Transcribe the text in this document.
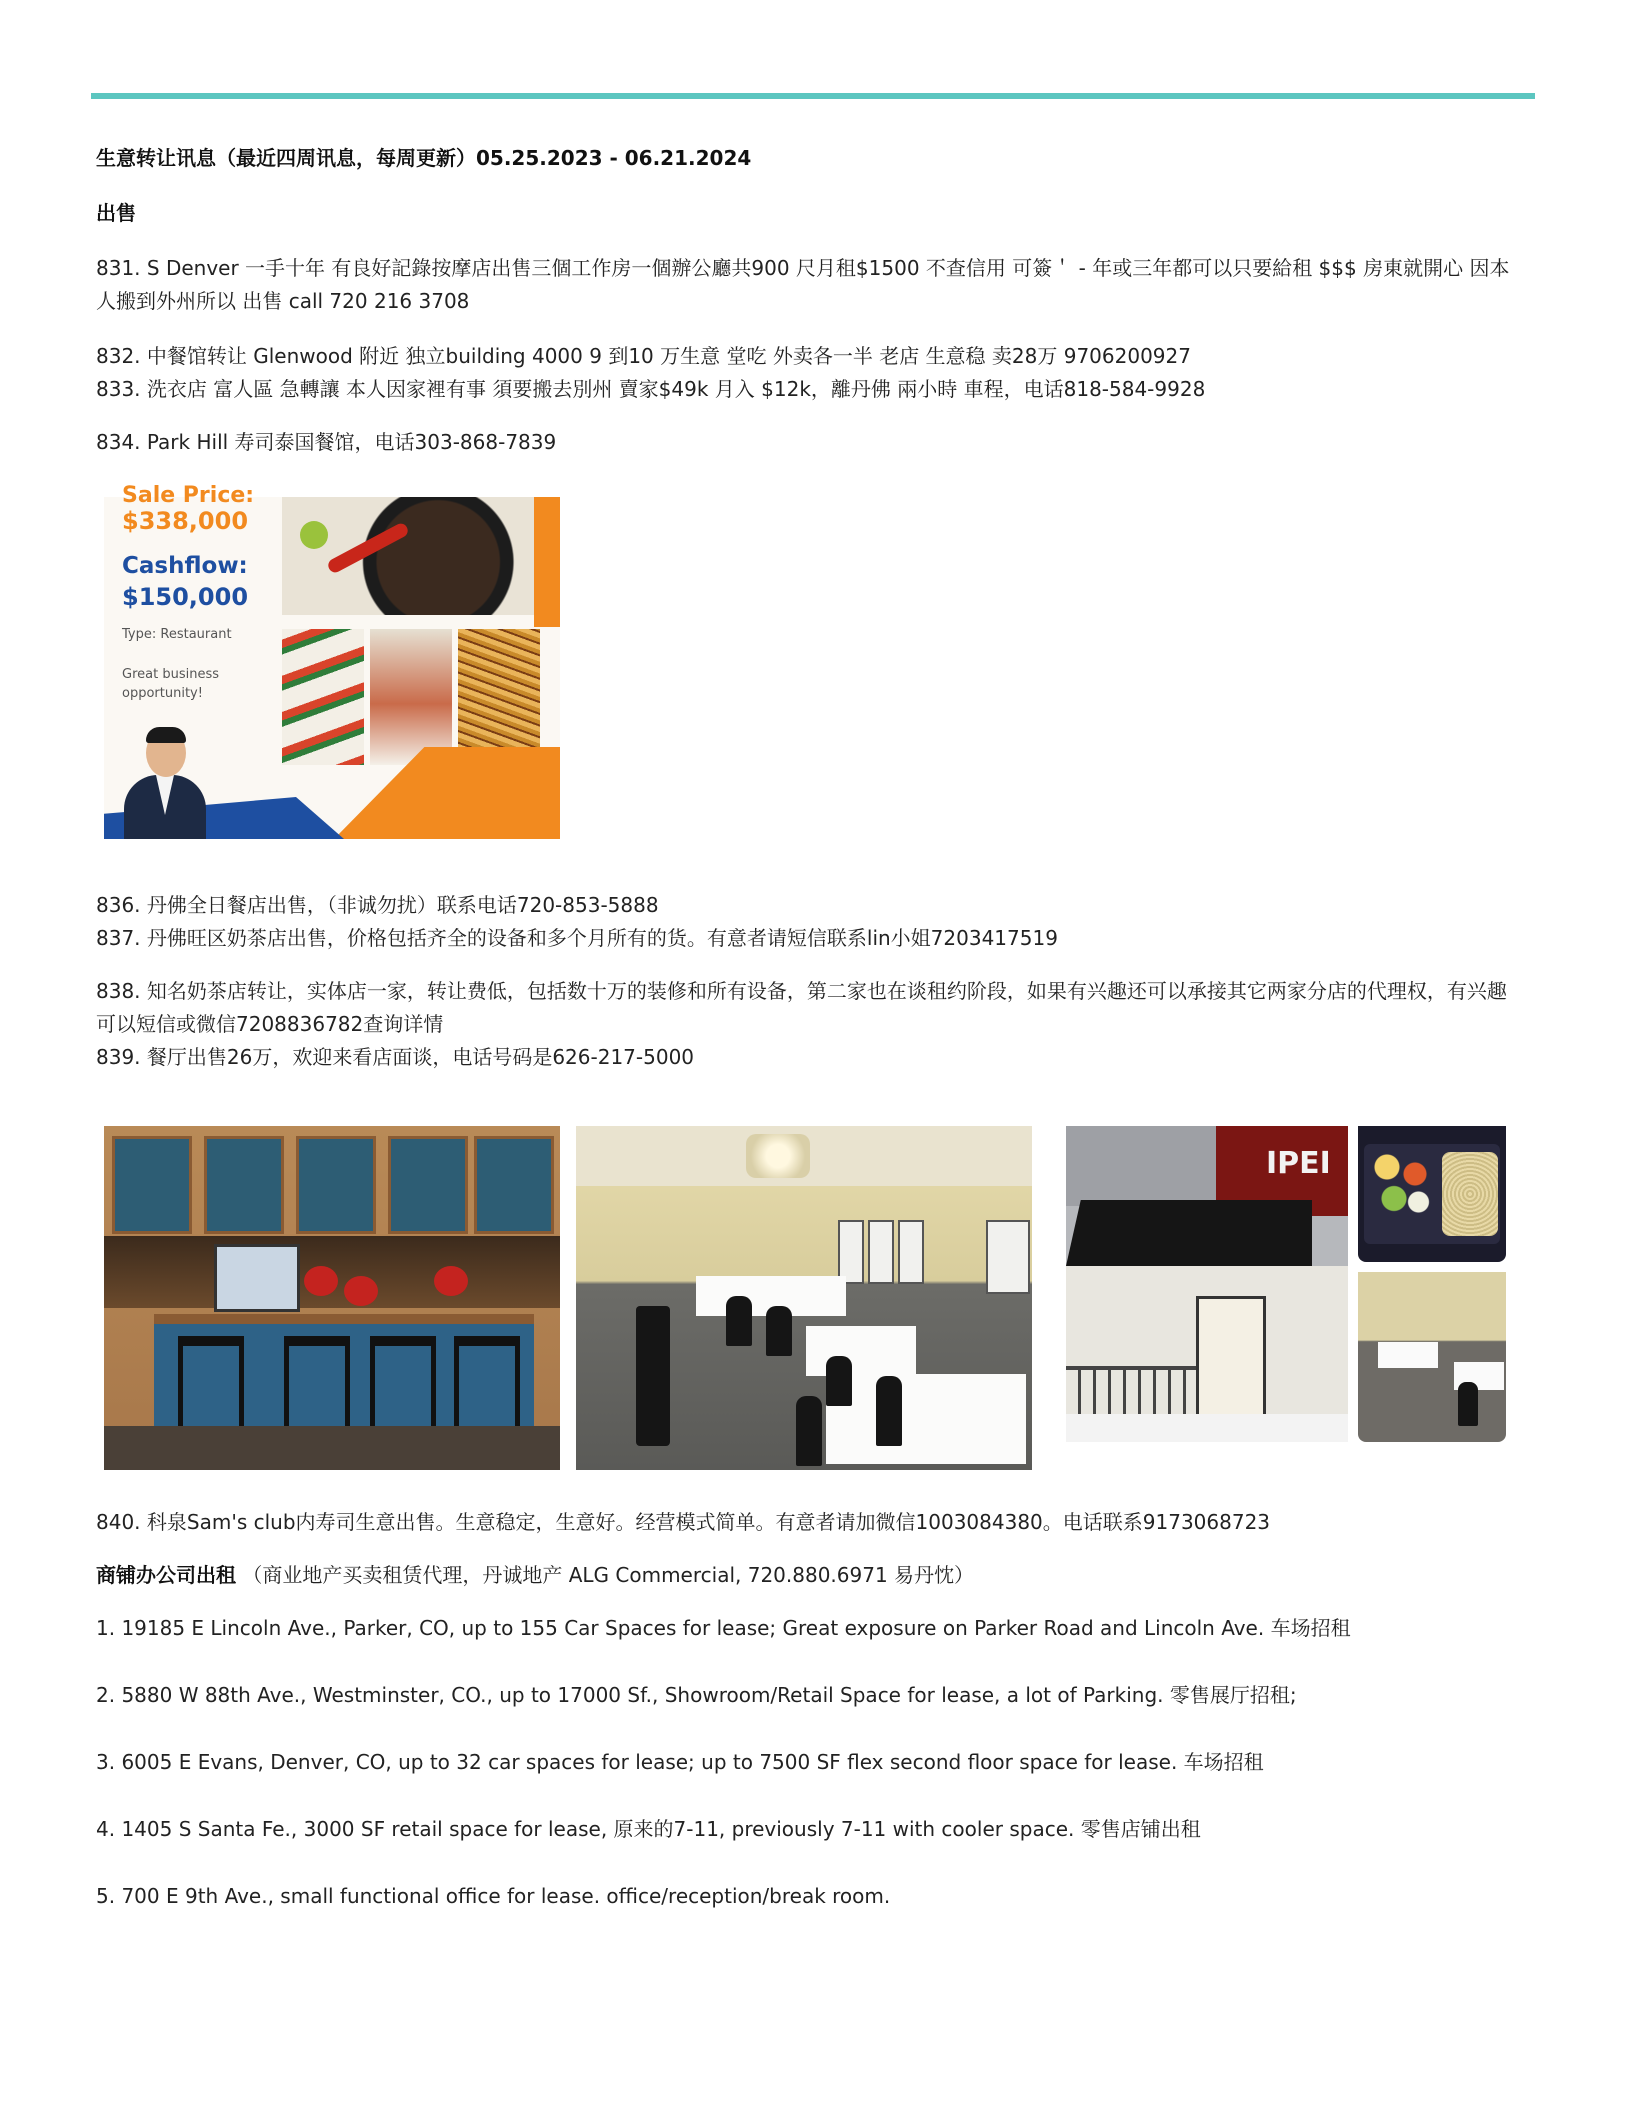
生意转让讯息（最近四周讯息，每周更新）05.25.2023 - 06.21.2024

出售

831. S Denver 一手十年 有良好記錄按摩店出售三個工作房一個辦公廳共900 尺月租$1500 不查信用 可簽＇ - 年或三年都可以只要給租 $$$ 房東就開心 因本人搬到外州所以 出售 call 720 216 3708

832. 中餐馆转让 Glenwood 附近 独立building 4000 9 到10 万生意 堂吃 外卖各一半 老店 生意稳 卖28万 9706200927

833. 洗衣店 富人區 急轉讓 本人因家裡有事 須要搬去別州 賣家$49k 月入 $12k，離丹佛 兩小時 車程，电话818-584-9928

834. Park Hill 寿司泰国餐馆，电话303-868-7839

Sale Price:
$338,000
Cashflow:
$150,000
Type: Restaurant
Great business opportunity!

836. 丹佛全日餐店出售，（非诚勿扰）联系电话720-853-5888

837. 丹佛旺区奶茶店出售，价格包括齐全的设备和多个月所有的货。有意者请短信联系lin小姐7203417519

838. 知名奶茶店转让，实体店一家，转让费低，包括数十万的装修和所有设备，第二家也在谈租约阶段，如果有兴趣还可以承接其它两家分店的代理权，有兴趣可以短信或微信7208836782查询详情

839. 餐厅出售26万，欢迎来看店面谈，电话号码是626-217-5000

IPEI

840. 科泉Sam's club内寿司生意出售。生意稳定，生意好。经营模式简单。有意者请加微信1003084380。电话联系9173068723

商铺办公司出租 （商业地产买卖租赁代理，丹诚地产 ALG Commercial, 720.880.6971 易丹忱）

1. 19185 E Lincoln Ave., Parker, CO, up to 155 Car Spaces for lease; Great exposure on Parker Road and Lincoln Ave. 车场招租

2. 5880 W 88th Ave., Westminster, CO., up to 17000 Sf., Showroom/Retail Space for lease, a lot of Parking. 零售展厅招租;

3. 6005 E Evans, Denver, CO, up to 32 car spaces for lease; up to 7500 SF flex second floor space for lease. 车场招租

4. 1405 S Santa Fe., 3000 SF retail space for lease, 原来的7-11, previously 7-11 with cooler space. 零售店铺出租

5. 700 E 9th Ave., small functional office for lease. office/reception/break room.
